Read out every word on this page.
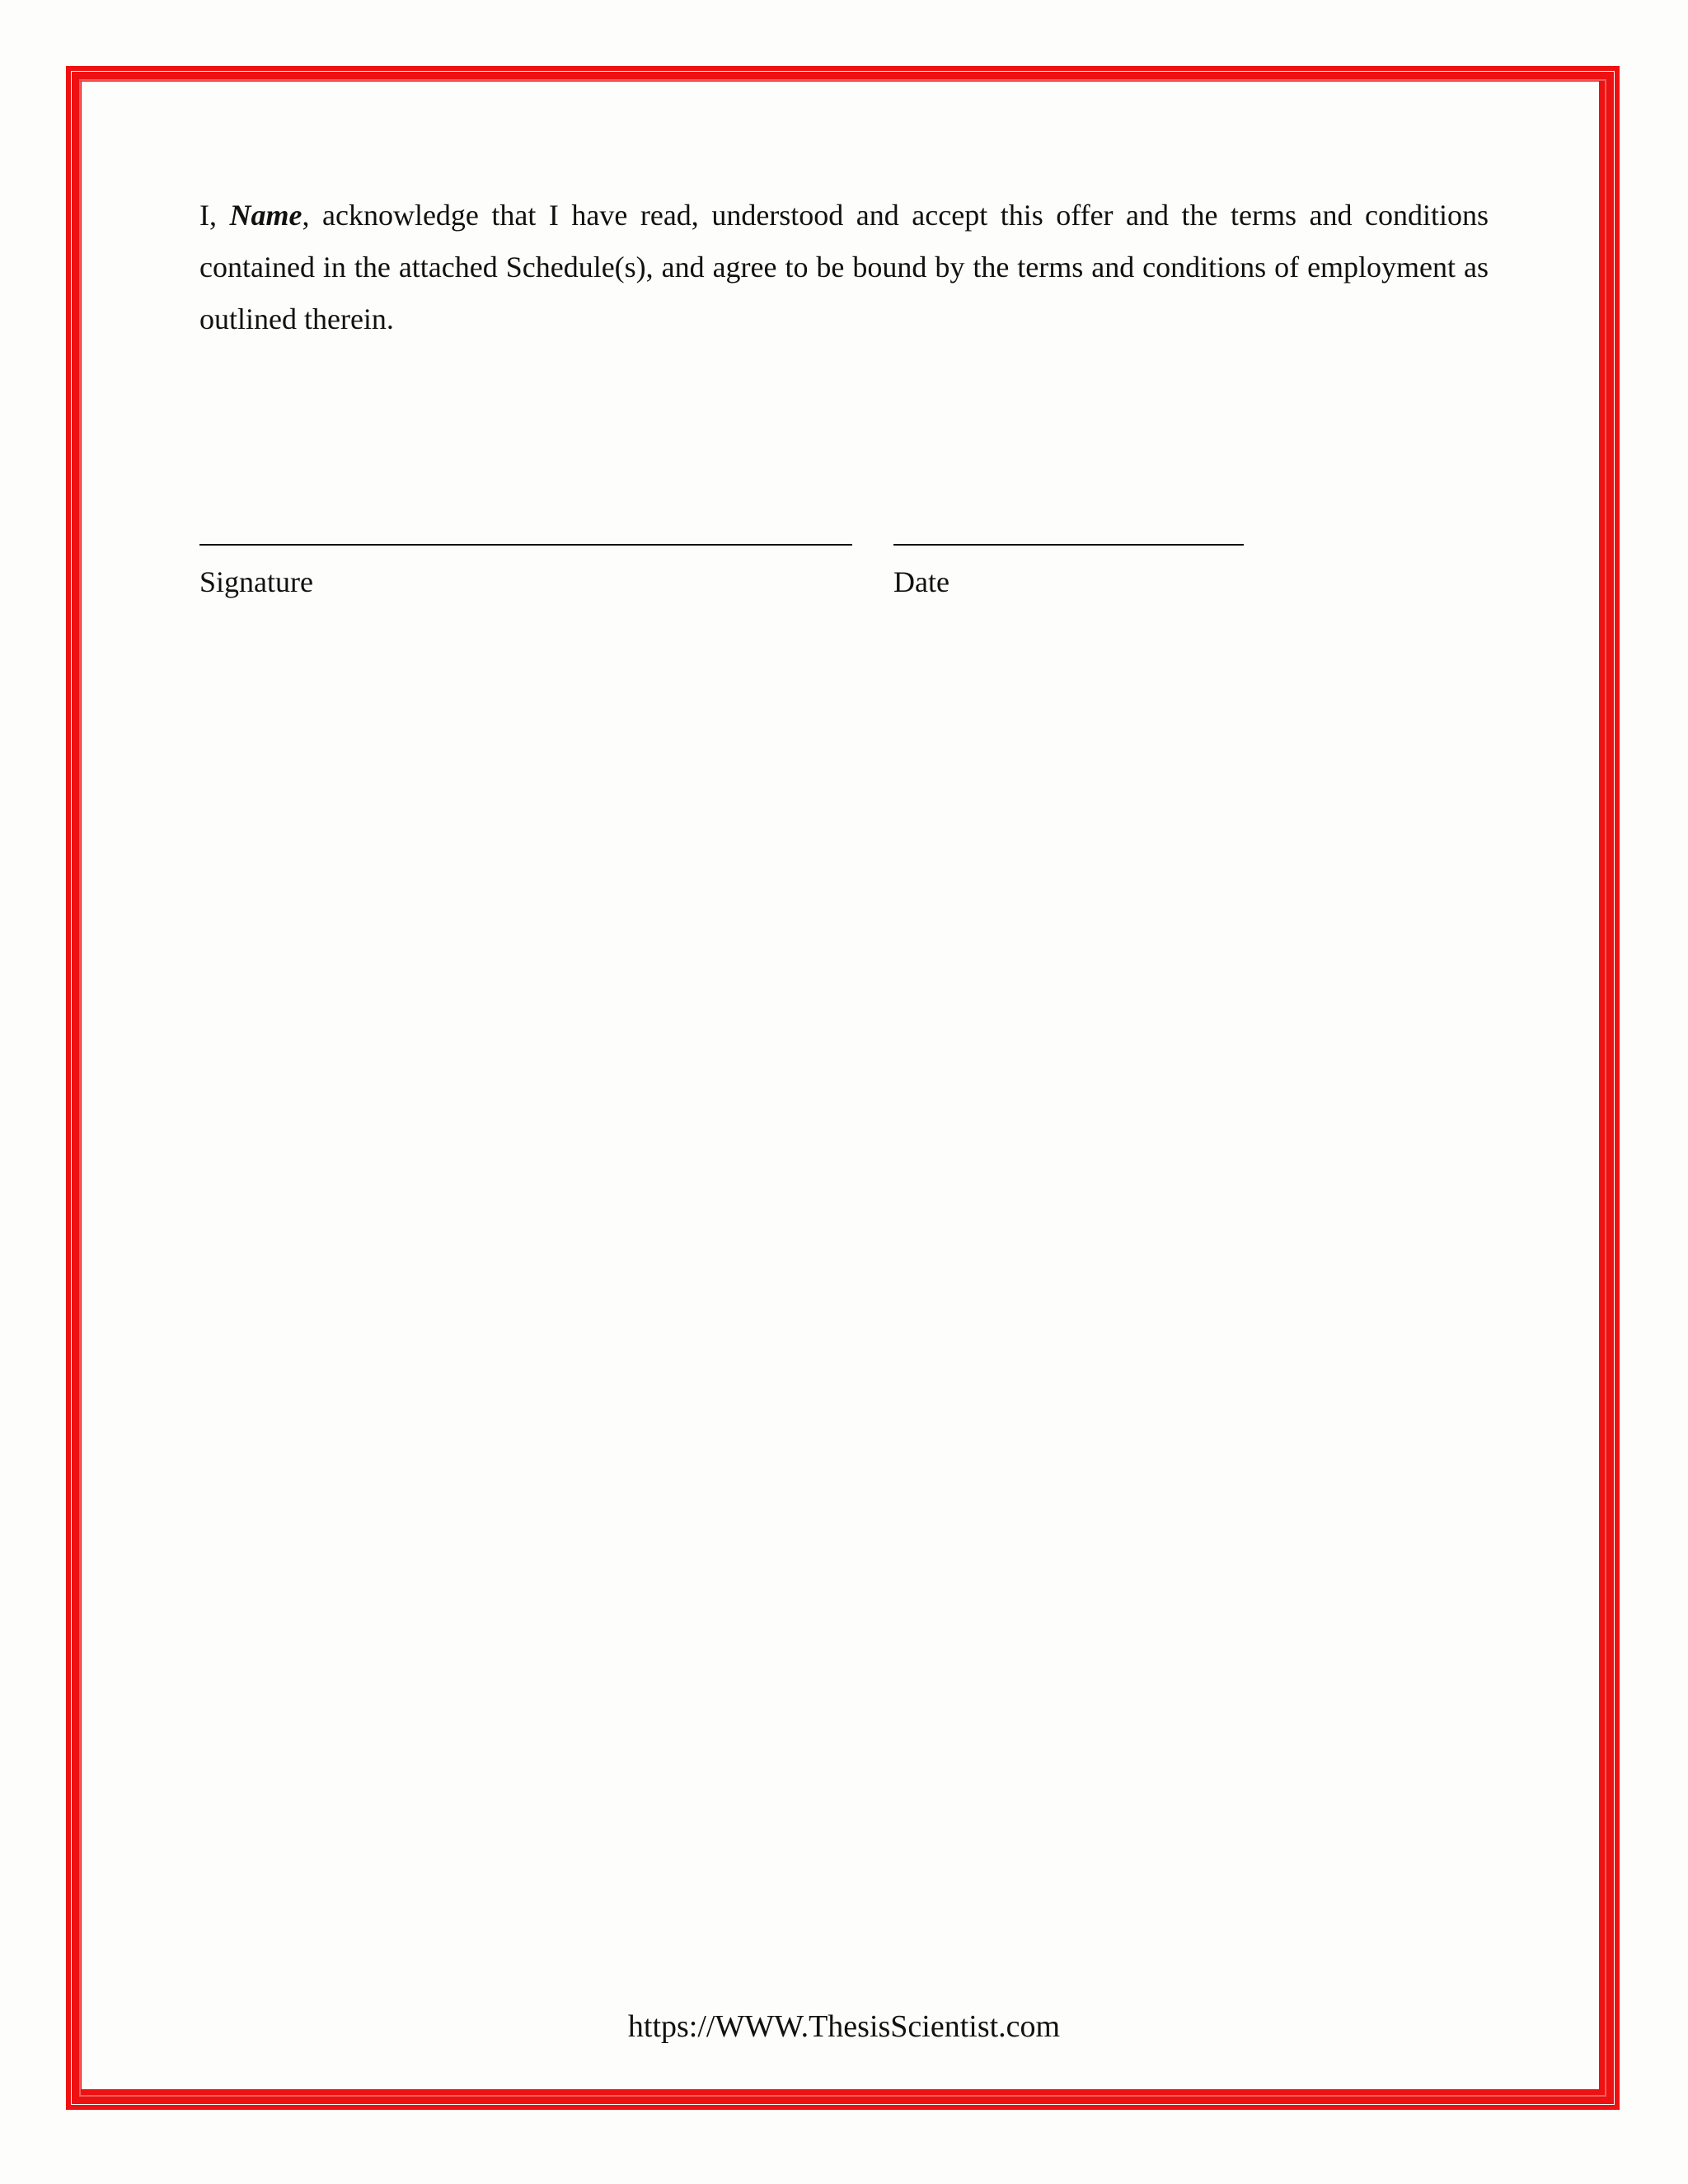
I, Name, acknowledge that I have read, understood and accept this offer and the terms and conditions contained in the attached Schedule(s), and agree to be bound by the terms and conditions of employment as outlined therein.

Signature	Date
https://WWW.ThesisScientist.com
